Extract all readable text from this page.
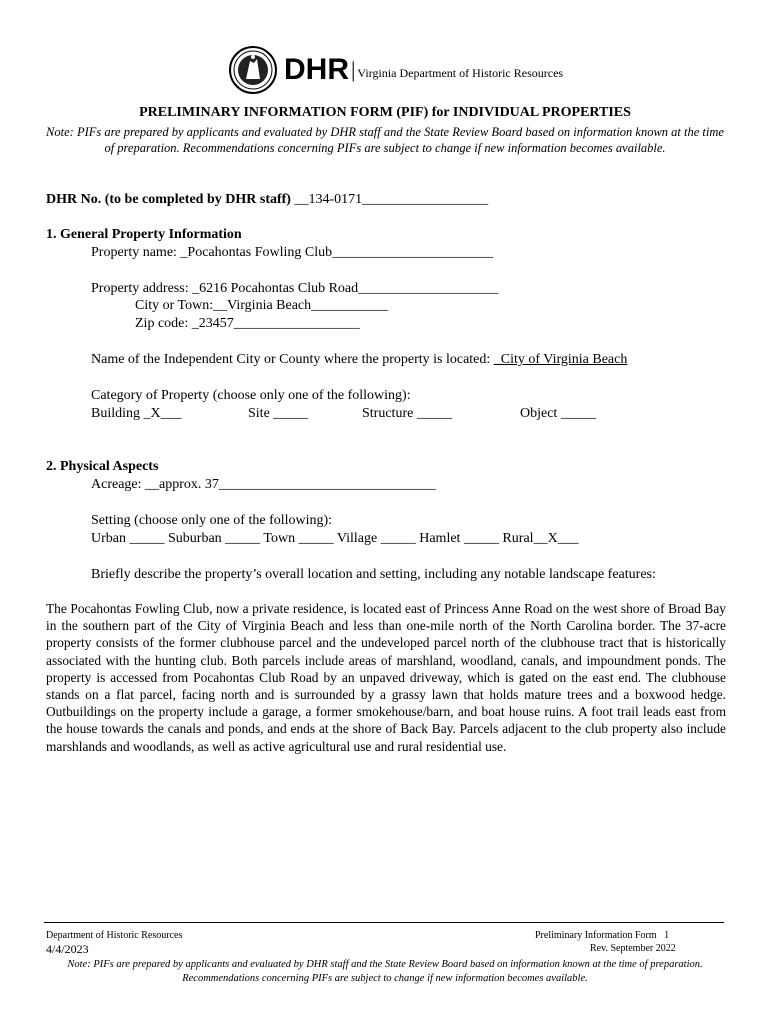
DHR | Virginia Department of Historic Resources
PRELIMINARY INFORMATION FORM (PIF) for INDIVIDUAL PROPERTIES
Note: PIFs are prepared by applicants and evaluated by DHR staff and the State Review Board based on information known at the time of preparation. Recommendations concerning PIFs are subject to change if new information becomes available.
DHR No. (to be completed by DHR staff) __134-0171__________________
1. General Property Information
Property name: _Pocahontas Fowling Club_______________________
Property address: _6216 Pocahontas Club Road____________________
City or Town:__Virginia Beach___________
Zip code: _23457__________________
Name of the Independent City or County where the property is located: _City of Virginia Beach
Category of Property (choose only one of the following):
Building _X___	Site _____	Structure _____	Object _____
2. Physical Aspects
Acreage: __approx. 37_______________________________
Setting (choose only one of the following):
Urban _____ Suburban _____ Town _____ Village _____ Hamlet _____ Rural__X___
Briefly describe the property’s overall location and setting, including any notable landscape features:
The Pocahontas Fowling Club, now a private residence, is located east of Princess Anne Road on the west shore of Broad Bay in the southern part of the City of Virginia Beach and less than one-mile north of the North Carolina border. The 37-acre property consists of the former clubhouse parcel and the undeveloped parcel north of the clubhouse tract that is historically associated with the hunting club. Both parcels include areas of marshland, woodland, canals, and impoundment ponds. The property is accessed from Pocahontas Club Road by an unpaved driveway, which is gated on the east end. The clubhouse stands on a flat parcel, facing north and is surrounded by a grassy lawn that holds mature trees and a boxwood hedge. Outbuildings on the property include a garage, a former smokehouse/barn, and boat house ruins. A foot trail leads east from the house towards the canals and ponds, and ends at the shore of Back Bay. Parcels adjacent to the club property also include marshlands and woodlands, as well as active agricultural use and rural residential use.
Department of Historic Resources
4/4/2023
Preliminary Information Form 1
Rev. September 2022
Note: PIFs are prepared by applicants and evaluated by DHR staff and the State Review Board based on information known at the time of preparation. Recommendations concerning PIFs are subject to change if new information becomes available.
